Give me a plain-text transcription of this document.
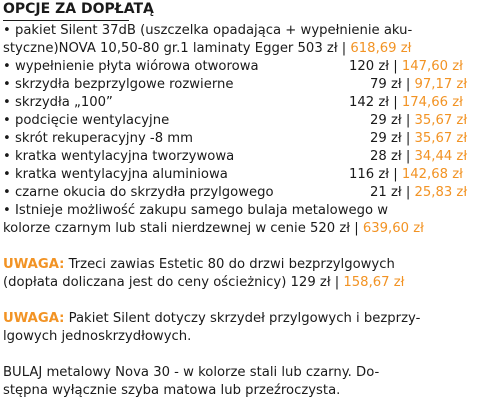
OPCJE ZA DOPŁATĄ
• pakiet Silent 37dB (uszczelka opadająca + wypełnienie aku-
styczne)NOVA 10,50-80 gr.1 laminaty Egger 503 zł | 618,69 zł
• wypełnienie płyta wiórowa otworowa	120 zł | 147,60 zł
• skrzydła bezprzylgowe rozwierne	79 zł | 97,17 zł
• skrzydła „100”	142 zł | 174,66 zł
• podcięcie wentylacyjne	29 zł | 35,67 zł
• skrót rekuperacyjny -8 mm	29 zł | 35,67 zł
• kratka wentylacyjna tworzywowa	28 zł | 34,44 zł
• kratka wentylacyjna aluminiowa	116 zł | 142,68 zł
• czarne okucia do skrzydła przylgowego	21 zł | 25,83 zł
• Istnieje możliwość zakupu samego bulaja metalowego w
kolorze czarnym lub stali nierdzewnej w cenie 520 zł | 639,60 zł
UWAGA: Trzeci zawias Estetic 80 do drzwi bezprzylgowych
(dopłata doliczana jest do ceny ościeżnicy) 129 zł | 158,67 zł
UWAGA: Pakiet Silent dotyczy skrzydeł przylgowych i bezprzy-
lgowych jednoskrzydłowych.
BULAJ metalowy Nova 30 - w kolorze stali lub czarny. Do-
stępna wyłącznie szyba matowa lub przeźroczysta.
